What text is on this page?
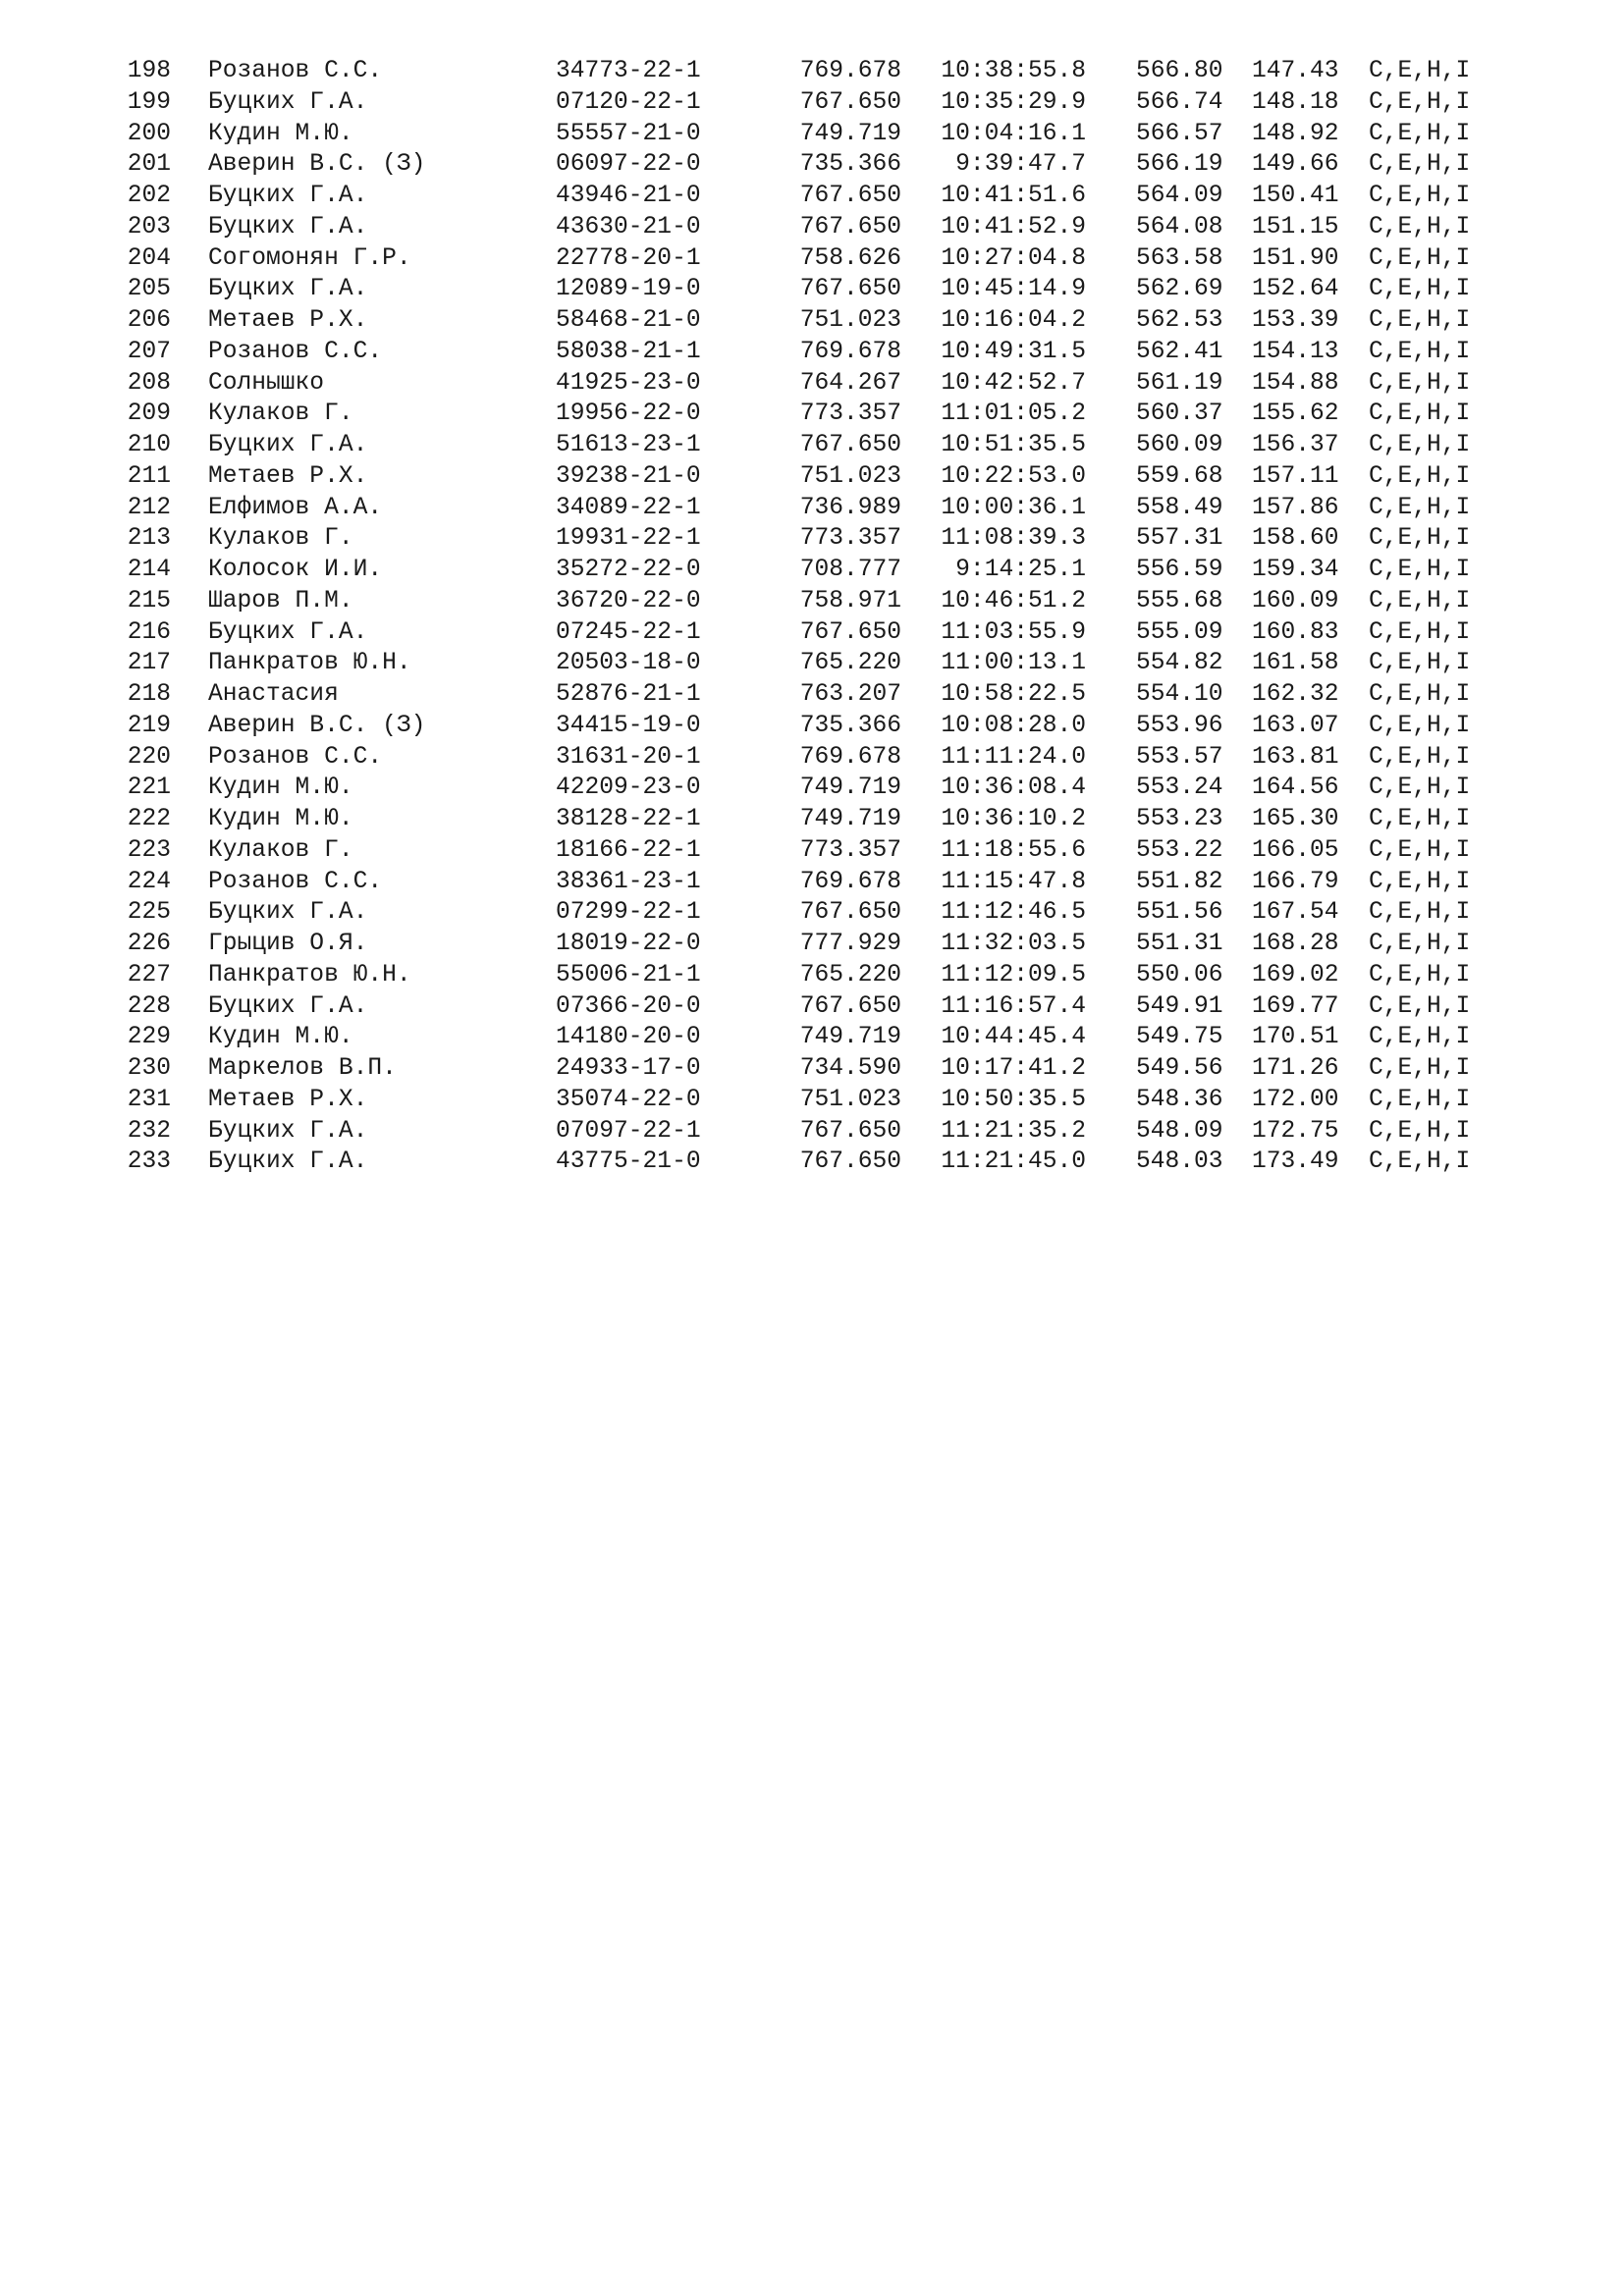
198 Розанов С.С.	34773-22-1	769.678	10:38:55.8 566.80 147.43 C,E,H,I
199 Буцких Г.А.	07120-22-1	767.650	10:35:29.9 566.74 148.18 C,E,H,I
200 Кудин М.Ю.	55557-21-0	749.719	10:04:16.1 566.57 148.92 C,E,H,I
201 Аверин В.С. (З)	06097-22-0	735.366	9:39:47.7 566.19 149.66 C,E,H,I
202 Буцких Г.А.	43946-21-0	767.650	10:41:51.6 564.09 150.41 C,E,H,I
203 Буцких Г.А.	43630-21-0	767.650	10:41:52.9 564.08 151.15 C,E,H,I
204 Согомонян Г.Р.	22778-20-1	758.626	10:27:04.8 563.58 151.90 C,E,H,I
205 Буцких Г.А.	12089-19-0	767.650	10:45:14.9 562.69 152.64 C,E,H,I
206 Метаев Р.Х.	58468-21-0	751.023	10:16:04.2 562.53 153.39 C,E,H,I
207 Розанов С.С.	58038-21-1	769.678	10:49:31.5 562.41 154.13 C,E,H,I
208 Солнышко	41925-23-0	764.267	10:42:52.7 561.19 154.88 C,E,H,I
209 Кулаков Г.	19956-22-0	773.357	11:01:05.2 560.37 155.62 C,E,H,I
210 Буцких Г.А.	51613-23-1	767.650	10:51:35.5 560.09 156.37 C,E,H,I
211 Метаев Р.Х.	39238-21-0	751.023	10:22:53.0 559.68 157.11 C,E,H,I
212 Елфимов А.А.	34089-22-1	736.989	10:00:36.1 558.49 157.86 C,E,H,I
213 Кулаков Г.	19931-22-1	773.357	11:08:39.3 557.31 158.60 C,E,H,I
214 Колосок И.И.	35272-22-0	708.777	9:14:25.1 556.59 159.34 C,E,H,I
215 Шаров П.М.	36720-22-0	758.971	10:46:51.2 555.68 160.09 C,E,H,I
216 Буцких Г.А.	07245-22-1	767.650	11:03:55.9 555.09 160.83 C,E,H,I
217 Панкратов Ю.Н.	20503-18-0	765.220	11:00:13.1 554.82 161.58 C,E,H,I
218 Анастасия	52876-21-1	763.207	10:58:22.5 554.10 162.32 C,E,H,I
219 Аверин В.С. (З)	34415-19-0	735.366	10:08:28.0 553.96 163.07 C,E,H,I
220 Розанов С.С.	31631-20-1	769.678	11:11:24.0 553.57 163.81 C,E,H,I
221 Кудин М.Ю.	42209-23-0	749.719	10:36:08.4 553.24 164.56 C,E,H,I
222 Кудин М.Ю.	38128-22-1	749.719	10:36:10.2 553.23 165.30 C,E,H,I
223 Кулаков Г.	18166-22-1	773.357	11:18:55.6 553.22 166.05 C,E,H,I
224 Розанов С.С.	38361-23-1	769.678	11:15:47.8 551.82 166.79 C,E,H,I
225 Буцких Г.А.	07299-22-1	767.650	11:12:46.5 551.56 167.54 C,E,H,I
226 Грыцив О.Я.	18019-22-0	777.929	11:32:03.5 551.31 168.28 C,E,H,I
227 Панкратов Ю.Н.	55006-21-1	765.220	11:12:09.5 550.06 169.02 C,E,H,I
228 Буцких Г.А.	07366-20-0	767.650	11:16:57.4 549.91 169.77 C,E,H,I
229 Кудин М.Ю.	14180-20-0	749.719	10:44:45.4 549.75 170.51 C,E,H,I
230 Маркелов В.П.	24933-17-0	734.590	10:17:41.2 549.56 171.26 C,E,H,I
231 Метаев Р.Х.	35074-22-0	751.023	10:50:35.5 548.36 172.00 C,E,H,I
232 Буцких Г.А.	07097-22-1	767.650	11:21:35.2 548.09 172.75 C,E,H,I
233 Буцких Г.А.	43775-21-0	767.650	11:21:45.0 548.03 173.49 C,E,H,I
